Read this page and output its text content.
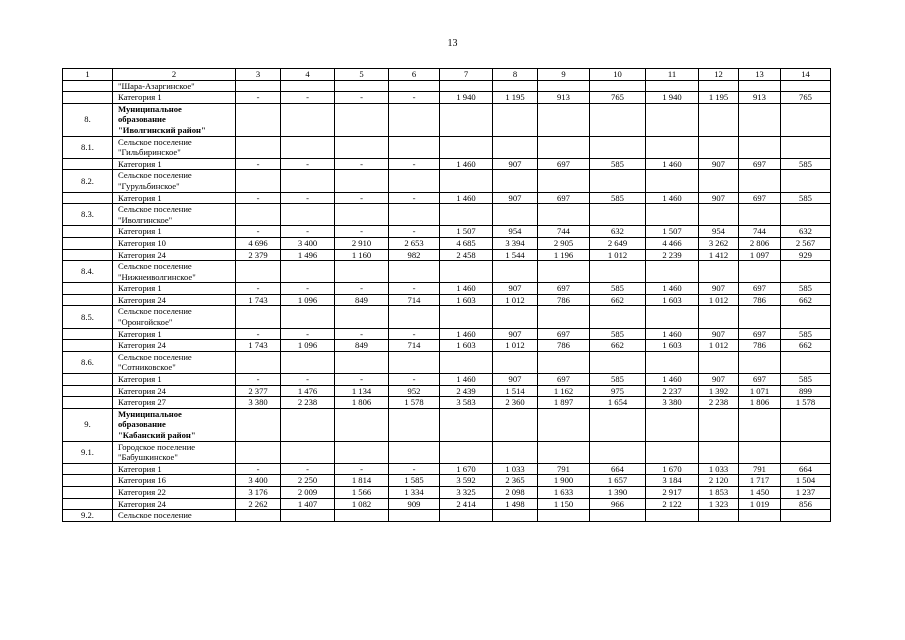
13
1	2	3	4	5	6	7	8	9	10	11	12	13	14

	"Шара-Азаргинское"												

	Категория 1	-	-	-	-	1 940	1 195	913	765	1 940	1 195	913	765
8.	Муниципальное
образование
"Иволгинский район"												

8.1.	Сельское поселение
"Гильбиринское"												

	Категория 1	-	-	-	-	1 460	907	697	585	1 460	907	697	585
8.2.	Сельское поселение
"Гурульбинское"												

	Категория 1	-	-	-	-	1 460	907	697	585	1 460	907	697	585
8.3.	Сельское поселение
"Иволгинское"												

	Категория 1	-	-	-	-	1 507	954	744	632	1 507	954	744	632

	Категория 10	4 696	3 400	2 910	2 653	4 685	3 394	2 905	2 649	4 466	3 262	2 806	2 567

	Категория 24	2 379	1 496	1 160	982	2 458	1 544	1 196	1 012	2 239	1 412	1 097	929
8.4.	Сельское поселение
"Нижнеиволгинское"												

	Категория 1	-	-	-	-	1 460	907	697	585	1 460	907	697	585

	Категория 24	1 743	1 096	849	714	1 603	1 012	786	662	1 603	1 012	786	662
8.5.	Сельское поселение
"Оронгойское"												

	Категория 1	-	-	-	-	1 460	907	697	585	1 460	907	697	585

	Категория 24	1 743	1 096	849	714	1 603	1 012	786	662	1 603	1 012	786	662
8.6.	Сельское поселение
"Сотниковское"												

	Категория 1	-	-	-	-	1 460	907	697	585	1 460	907	697	585

	Категория 24	2 377	1 476	1 134	952	2 439	1 514	1 162	975	2 237	1 392	1 071	899

	Категория 27	3 380	2 238	1 806	1 578	3 583	2 360	1 897	1 654	3 380	2 238	1 806	1 578
9.	Муниципальное
образование
"Кабанский район"												

9.1.	Городское поселение
"Бабушкинское"												

	Категория 1	-	-	-	-	1 670	1 033	791	664	1 670	1 033	791	664

	Категория 16	3 400	2 250	1 814	1 585	3 592	2 365	1 900	1 657	3 184	2 120	1 717	1 504

	Категория 22	3 176	2 009	1 566	1 334	3 325	2 098	1 633	1 390	2 917	1 853	1 450	1 237

	Категория 24	2 262	1 407	1 082	909	2 414	1 498	1 150	966	2 122	1 323	1 019	856
9.2.	Сельское поселение												
